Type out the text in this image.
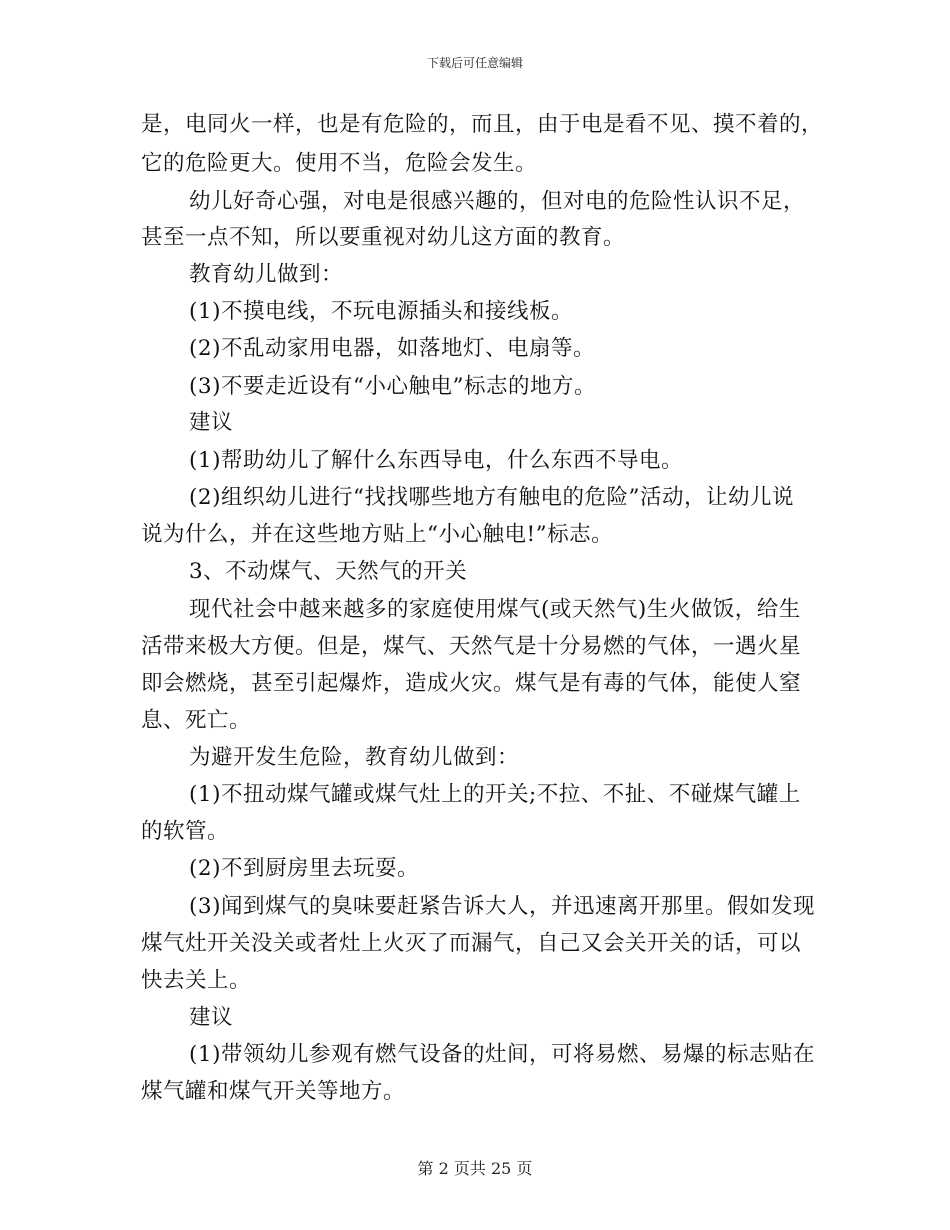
下载后可任意编辑
是，电同火一样，也是有危险的，而且，由于电是看不见、摸不着的，
它的危险更大。使用不当，危险会发生。
幼儿好奇心强，对电是很感兴趣的，但对电的危险性认识不足，
甚至一点不知，所以要重视对幼儿这方面的教育。
教育幼儿做到：
(1)不摸电线，不玩电源插头和接线板。
(2)不乱动家用电器，如落地灯、电扇等。
(3)不要走近设有“小心触电”标志的地方。
建议
(1)帮助幼儿了解什么东西导电，什么东西不导电。
(2)组织幼儿进行“找找哪些地方有触电的危险”活动，让幼儿说
说为什么，并在这些地方贴上“小心触电!”标志。
3、不动煤气、天然气的开关
现代社会中越来越多的家庭使用煤气(或天然气)生火做饭，给生
活带来极大方便。但是，煤气、天然气是十分易燃的气体，一遇火星
即会燃烧，甚至引起爆炸，造成火灾。煤气是有毒的气体，能使人窒
息、死亡。
为避开发生危险，教育幼儿做到：
(1)不扭动煤气罐或煤气灶上的开关;不拉、不扯、不碰煤气罐上
的软管。
(2)不到厨房里去玩耍。
(3)闻到煤气的臭味要赶紧告诉大人，并迅速离开那里。假如发现
煤气灶开关没关或者灶上火灭了而漏气，自己又会关开关的话，可以
快去关上。
建议
(1)带领幼儿参观有燃气设备的灶间，可将易燃、易爆的标志贴在
煤气罐和煤气开关等地方。
第 2 页共 25 页
